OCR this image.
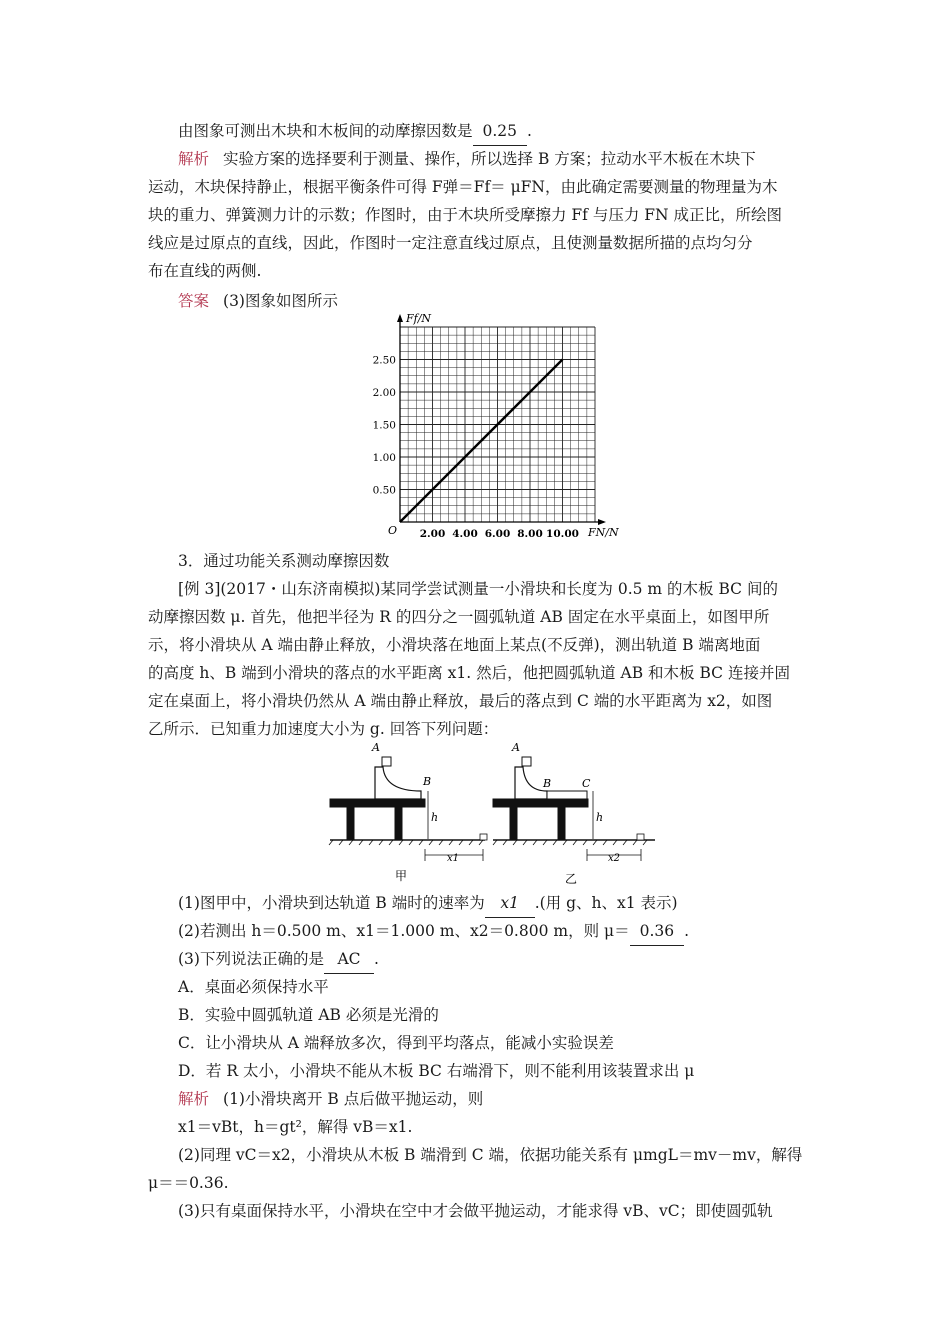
由图象可测出木块和木板间的动摩擦因数是 0.25 .
解析 实验方案的选择要利于测量、操作，所以选择 B 方案；拉动水平木板在木块下
运动，木块保持静止，根据平衡条件可得 F弹＝Ff＝ μFN，由此确定需要测量的物理量为木
块的重力、弹簧测力计的示数；作图时，由于木块所受摩擦力 Ff 与压力 FN 成正比，所绘图
线应是过原点的直线，因此，作图时一定注意直线过原点，且使测量数据所描的点均匀分
布在直线的两侧.
答案 (3)图象如图所示
2.00 4.00 6.00 8.00 10.00
0.50
1.00
1.50
2.00
2.50
Ff/N
FN/N
O
3．通过功能关系测动摩擦因数
[例 3](2017・山东济南模拟)某同学尝试测量一小滑块和长度为 0.5 m 的木板 BC 间的
动摩擦因数 μ. 首先，他把半径为 R 的四分之一圆弧轨道 AB 固定在水平桌面上，如图甲所
示，将小滑块从 A 端由静止释放，小滑块落在地面上某点(不反弹)，测出轨道 B 端离地面
的高度 h、B 端到小滑块的落点的水平距离 x1. 然后，他把圆弧轨道 AB 和木板 BC 连接并固
定在桌面上，将小滑块仍然从 A 端由静止释放，最后的落点到 C 端的水平距离为 x2，如图
乙所示．已知重力加速度大小为 g. 回答下列问题：
A
B
h
x1
甲
A
B	C
h
x2
乙
(1)图甲中，小滑块到达轨道 B 端时的速率为 x1 .(用 g、h、x1 表示)
(2)若测出 h＝0.500 m、x1＝1.000 m、x2＝0.800 m，则 μ＝ 0.36 .
(3)下列说法正确的是 AC .
A．桌面必须保持水平
B．实验中圆弧轨道 AB 必须是光滑的
C．让小滑块从 A 端释放多次，得到平均落点，能减小实验误差
D．若 R 太小，小滑块不能从木板 BC 右端滑下，则不能利用该装置求出 μ
解析 (1)小滑块离开 B 点后做平抛运动，则
x1＝vBt，h＝gt²，解得 vB＝x1.
(2)同理 vC＝x2，小滑块从木板 B 端滑到 C 端，依据功能关系有 μmgL＝mv－mv，解得
μ＝＝0.36.
(3)只有桌面保持水平，小滑块在空中才会做平抛运动，才能求得 vB、vC；即使圆弧轨
